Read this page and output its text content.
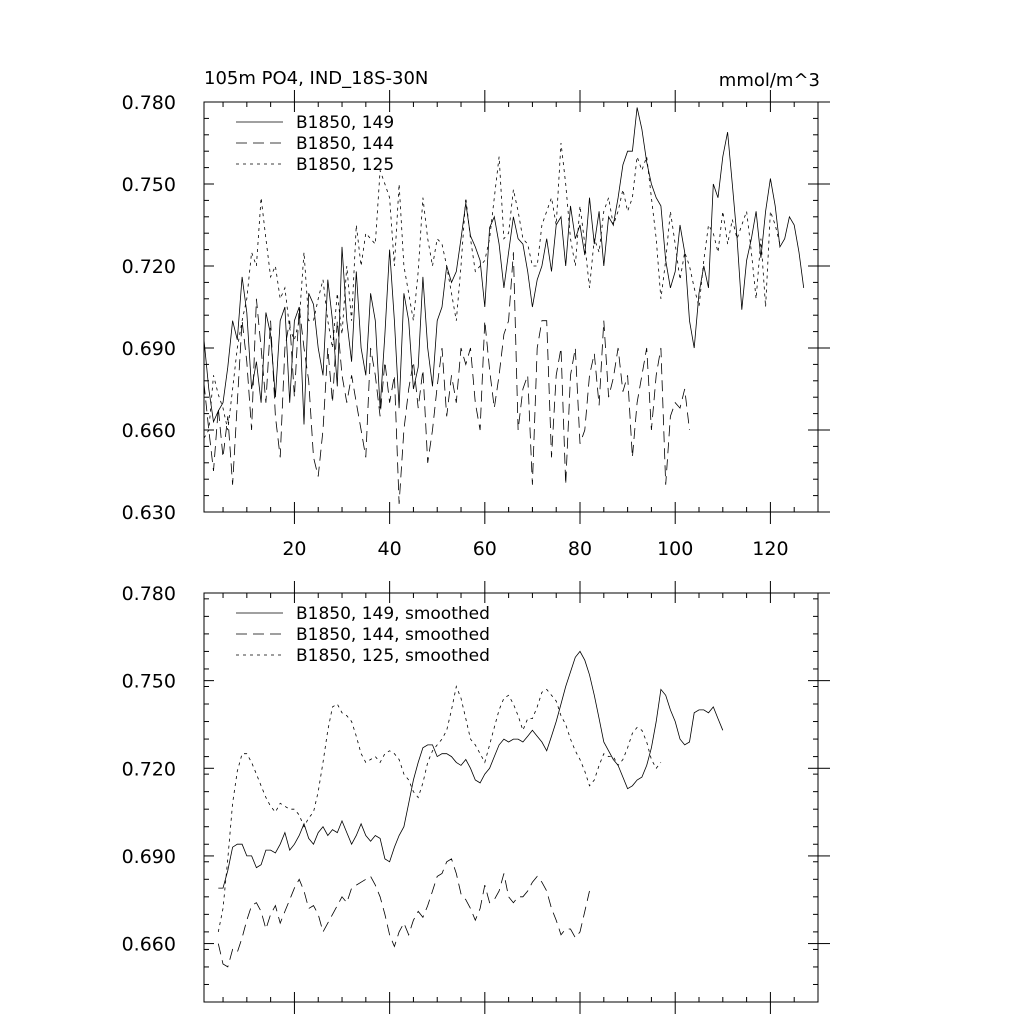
105m PO4, IND_18S-30N	mmol/m^3
0.630
0.660
0.690
0.720
0.750
0.780
20	40	60	80	100	120
B1850, 149
B1850, 144
B1850, 125
0.660
0.690
0.720
0.750
0.780
B1850, 149, smoothed
B1850, 144, smoothed
B1850, 125, smoothed
